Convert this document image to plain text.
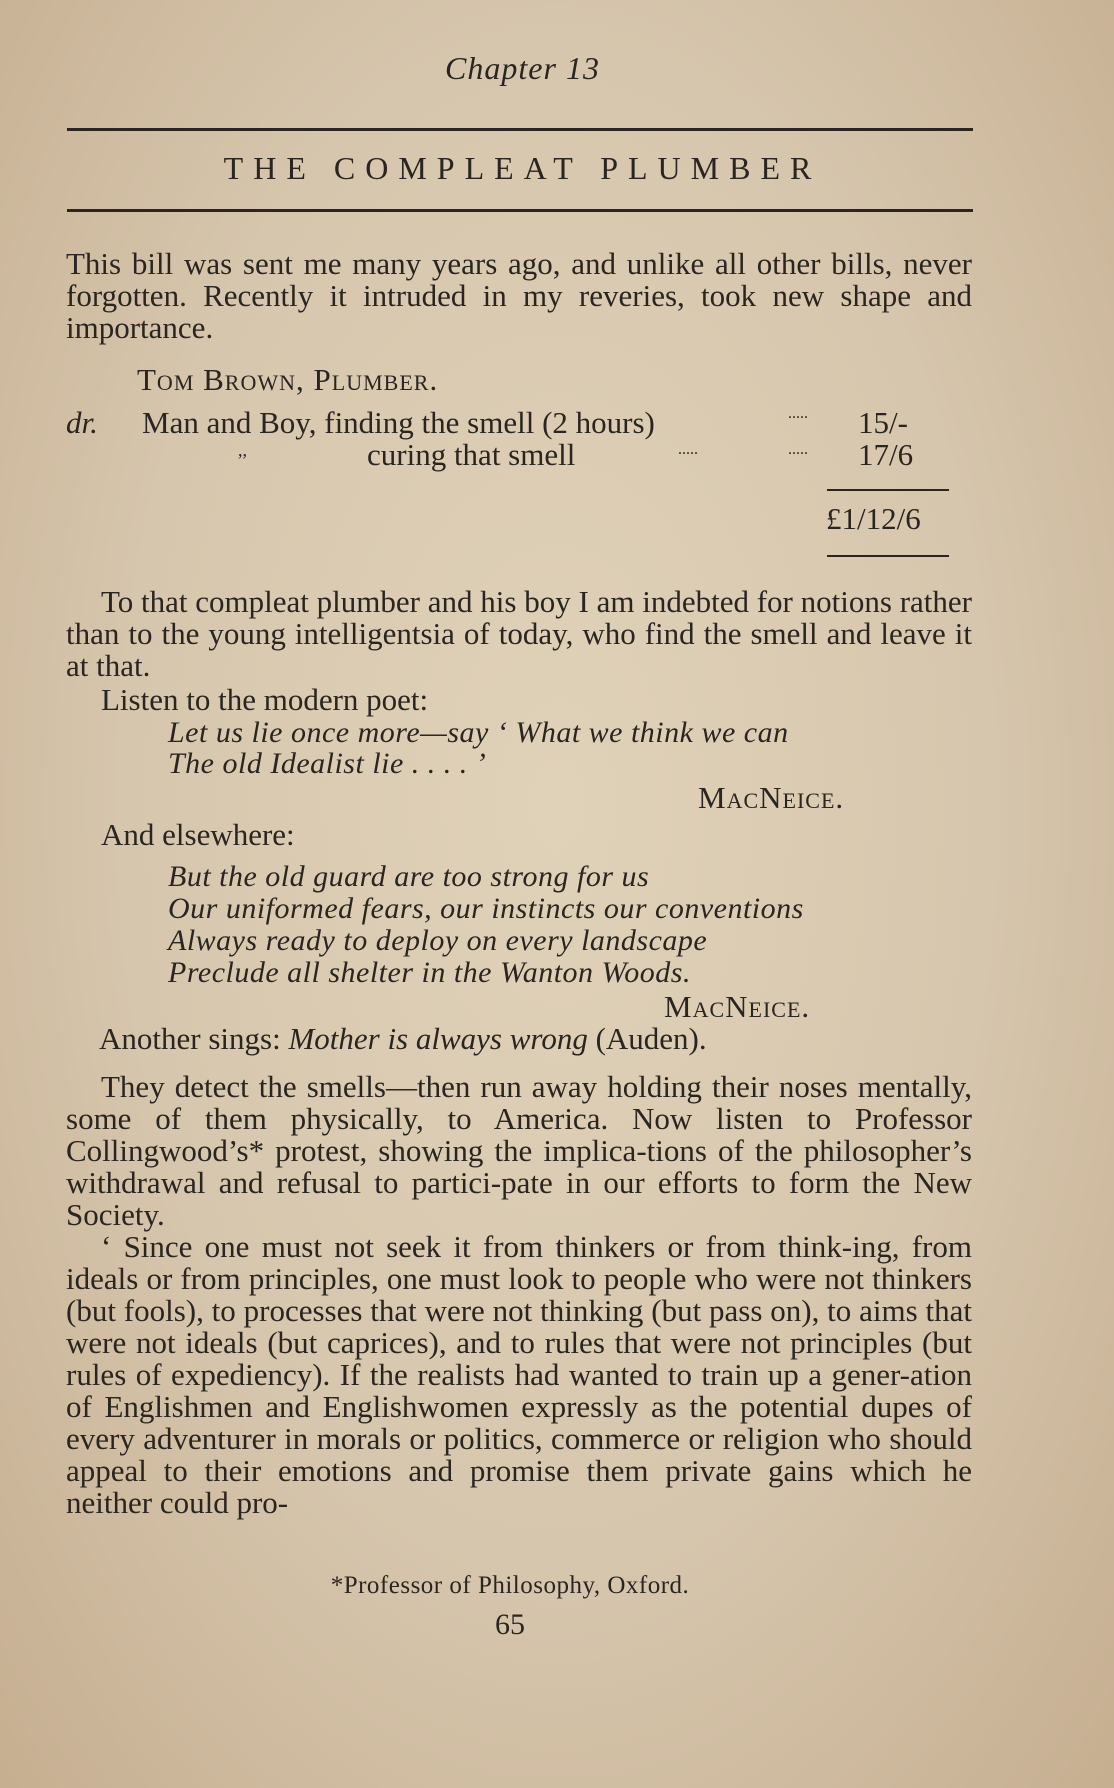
Chapter 13
THE COMPLEAT PLUMBER
This bill was sent me many years ago, and unlike all other bills, never forgotten. Recently it intruded in my reveries, took new shape and importance.
Tom Brown, Plumber.
dr. Man and Boy, finding the smell (2 hours)	..... 15/-
,,	curing that smell	.....	..... 17/6
£1/12/6
To that compleat plumber and his boy I am indebted for notions rather than to the young intelligentsia of today, who find the smell and leave it at that.
Listen to the modern poet:
Let us lie once more—say ‘ What we think we can
The old Idealist lie . . . . ’
MacNeice.
And elsewhere:
But the old guard are too strong for us
Our uniformed fears, our instincts our conventions
Always ready to deploy on every landscape
Preclude all shelter in the Wanton Woods.
MacNeice.
Another sings: Mother is always wrong (Auden).
They detect the smells—then run away holding their noses mentally, some of them physically, to America. Now listen to Professor Collingwood’s* protest, showing the implica-tions of the philosopher’s withdrawal and refusal to partici-pate in our efforts to form the New Society.
‘ Since one must not seek it from thinkers or from think-ing, from ideals or from principles, one must look to people who were not thinkers (but fools), to processes that were not thinking (but pass on), to aims that were not ideals (but caprices), and to rules that were not principles (but rules of expediency). If the realists had wanted to train up a gener-ation of Englishmen and Englishwomen expressly as the potential dupes of every adventurer in morals or politics, commerce or religion who should appeal to their emotions and promise them private gains which he neither could pro-
*Professor of Philosophy, Oxford.
65
